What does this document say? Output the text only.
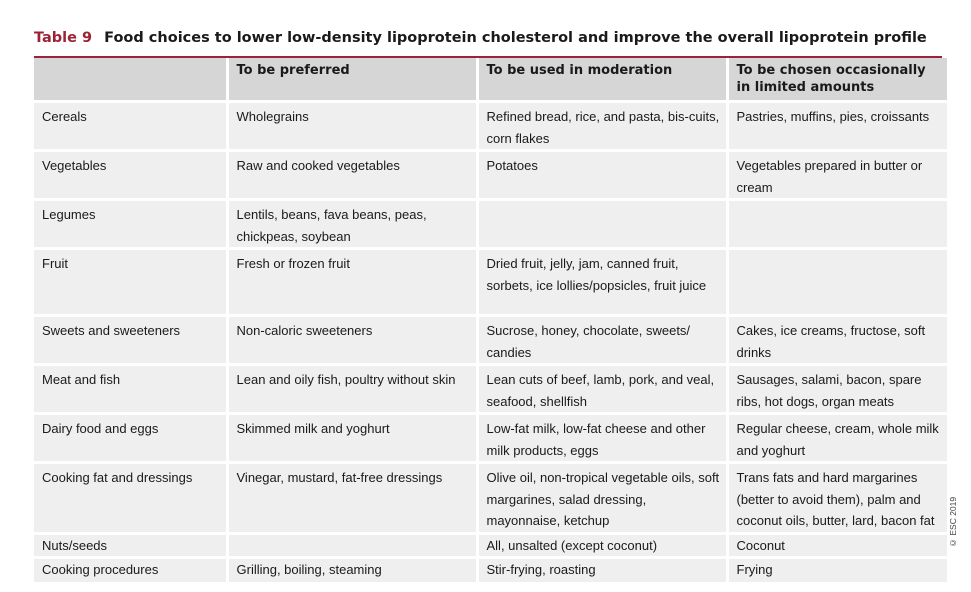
Table 9 Food choices to lower low-density lipoprotein cholesterol and improve the overall lipoprotein profile
	To be preferred	To be used in moderation	To be chosen occasionally in limited amounts
Cereals	Wholegrains	Refined bread, rice, and pasta, bis-cuits, corn flakes	Pastries, muffins, pies, croissants
Vegetables	Raw and cooked vegetables	Potatoes	Vegetables prepared in butter or cream
Legumes	Lentils, beans, fava beans, peas, chickpeas, soybean		
Fruit	Fresh or frozen fruit	Dried fruit, jelly, jam, canned fruit, sorbets, ice lollies/popsicles, fruit juice	
Sweets and sweeteners	Non-caloric sweeteners	Sucrose, honey, chocolate, sweets/ candies	Cakes, ice creams, fructose, soft drinks
Meat and fish	Lean and oily fish, poultry without skin	Lean cuts of beef, lamb, pork, and veal, seafood, shellfish	Sausages, salami, bacon, spare ribs, hot dogs, organ meats
Dairy food and eggs	Skimmed milk and yoghurt	Low-fat milk, low-fat cheese and other milk products, eggs	Regular cheese, cream, whole milk and yoghurt
Cooking fat and dressings	Vinegar, mustard, fat-free dressings	Olive oil, non-tropical vegetable oils, soft margarines, salad dressing, mayonnaise, ketchup	Trans fats and hard margarines (better to avoid them), palm and coconut oils, butter, lard, bacon fat
Nuts/seeds		All, unsalted (except coconut)	Coconut
Cooking procedures	Grilling, boiling, steaming	Stir-frying, roasting	Frying
© ESC 2019
